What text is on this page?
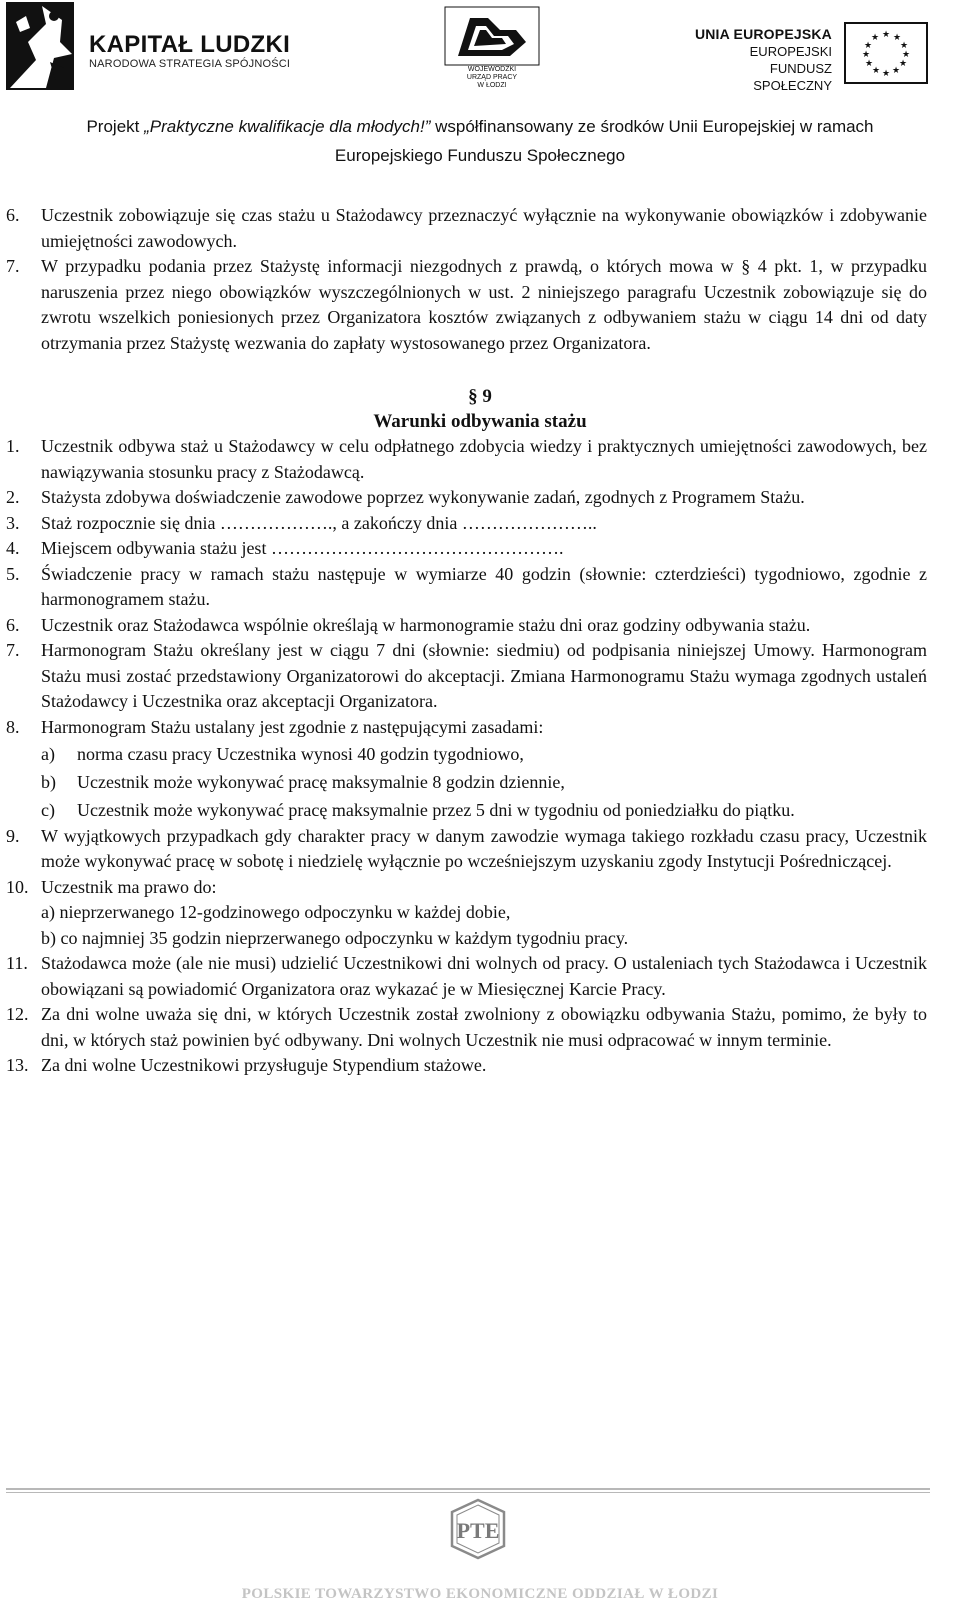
KAPITAŁ LUDZKI
NARODOWA STRATEGIA SPÓJNOŚCI	WOJEWÓDZKI
URZĄD PRACY
W ŁODZI
UNIA EUROPEJSKA
EUROPEJSKI
FUNDUSZ SPOŁECZNY
★ ★
★
★
★
★
★
★
★
★
★
★
Projekt „Praktyczne kwalifikacje dla młodych!” współfinansowany ze środków Unii Europejskiej w ramach
Europejskiego Funduszu Społecznego
6. Uczestnik zobowiązuje się czas stażu u Stażodawcy przeznaczyć wyłącznie na wykonywanie obowiązków i zdobywanie umiejętności zawodowych.
7. W przypadku podania przez Stażystę informacji niezgodnych z prawdą, o których mowa w § 4 pkt. 1, w przypadku naruszenia przez niego obowiązków wyszczególnionych w ust. 2 niniejszego paragrafu Uczestnik zobowiązuje się do zwrotu wszelkich poniesionych przez Organizatora kosztów związanych z odbywaniem stażu w ciągu 14 dni od daty otrzymania przez Stażystę wezwania do zapłaty wystosowanego przez Organizatora.
§ 9
Warunki odbywania stażu
1. Uczestnik odbywa staż u Stażodawcy w celu odpłatnego zdobycia wiedzy i praktycznych umiejętności zawodowych, bez nawiązywania stosunku pracy z Stażodawcą.
2. Stażysta zdobywa doświadczenie zawodowe poprzez wykonywanie zadań, zgodnych z Programem Stażu.
3. Staż rozpocznie się dnia ………………., a zakończy dnia …………………..
4. Miejscem odbywania stażu jest ………………………………………….
5. Świadczenie pracy w ramach stażu następuje w wymiarze 40 godzin (słownie: czterdzieści) tygodniowo, zgodnie z harmonogramem stażu.
6. Uczestnik oraz Stażodawca wspólnie określają w harmonogramie stażu dni oraz godziny odbywania stażu.
7. Harmonogram Stażu określany jest w ciągu 7 dni (słownie: siedmiu) od podpisania niniejszej Umowy. Harmonogram Stażu musi zostać przedstawiony Organizatorowi do akceptacji. Zmiana Harmonogramu Stażu wymaga zgodnych ustaleń Stażodawcy i Uczestnika oraz akceptacji Organizatora.
8. Harmonogram Stażu ustalany jest zgodnie z następującymi zasadami:
a) norma czasu pracy Uczestnika wynosi 40 godzin tygodniowo,
b) Uczestnik może wykonywać pracę maksymalnie 8 godzin dziennie,
c) Uczestnik może wykonywać pracę maksymalnie przez 5 dni w tygodniu od poniedziałku do piątku.
9. W wyjątkowych przypadkach gdy charakter pracy w danym zawodzie wymaga takiego rozkładu czasu pracy, Uczestnik może wykonywać pracę w sobotę i niedzielę wyłącznie po wcześniejszym uzyskaniu zgody Instytucji Pośredniczącej.
10. Uczestnik ma prawo do:
a) nieprzerwanego 12-godzinowego odpoczynku w każdej dobie,
b) co najmniej 35 godzin nieprzerwanego odpoczynku w każdym tygodniu pracy.
11. Stażodawca może (ale nie musi) udzielić Uczestnikowi dni wolnych od pracy. O ustaleniach tych Stażodawca i Uczestnik obowiązani są powiadomić Organizatora oraz wykazać je w Miesięcznej Karcie Pracy.
12. Za dni wolne uważa się dni, w których Uczestnik został zwolniony z obowiązku odbywania Stażu, pomimo, że były to dni, w których staż powinien być odbywany. Dni wolnych Uczestnik nie musi odpracować w innym terminie.
13. Za dni wolne Uczestnikowi przysługuje Stypendium stażowe.
PTE
POLSKIE TOWARZYSTWO EKONOMICZNE ODDZIAŁ W ŁODZI
